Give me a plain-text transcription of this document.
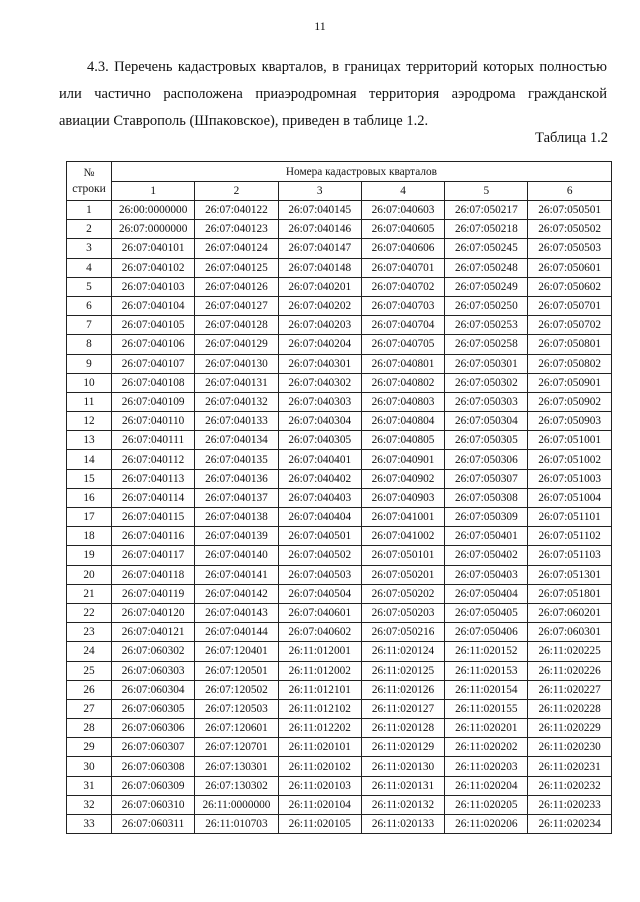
11

4.3. Перечень кадастровых кварталов, в границах территорий которых полностью или частично расположена приаэродромная территория аэродрома гражданской авиации Ставрополь (Шпаковское), приведен в таблице 1.2.

Таблица 1.2
№
строки	Номера кадастровых кварталов					
	1	2	3	4	5	6
1	26:00:0000000	26:07:040122	26:07:040145	26:07:040603	26:07:050217	26:07:050501
2	26:07:0000000	26:07:040123	26:07:040146	26:07:040605	26:07:050218	26:07:050502
3	26:07:040101	26:07:040124	26:07:040147	26:07:040606	26:07:050245	26:07:050503
4	26:07:040102	26:07:040125	26:07:040148	26:07:040701	26:07:050248	26:07:050601
5	26:07:040103	26:07:040126	26:07:040201	26:07:040702	26:07:050249	26:07:050602
6	26:07:040104	26:07:040127	26:07:040202	26:07:040703	26:07:050250	26:07:050701
7	26:07:040105	26:07:040128	26:07:040203	26:07:040704	26:07:050253	26:07:050702
8	26:07:040106	26:07:040129	26:07:040204	26:07:040705	26:07:050258	26:07:050801
9	26:07:040107	26:07:040130	26:07:040301	26:07:040801	26:07:050301	26:07:050802
10	26:07:040108	26:07:040131	26:07:040302	26:07:040802	26:07:050302	26:07:050901
11	26:07:040109	26:07:040132	26:07:040303	26:07:040803	26:07:050303	26:07:050902
12	26:07:040110	26:07:040133	26:07:040304	26:07:040804	26:07:050304	26:07:050903
13	26:07:040111	26:07:040134	26:07:040305	26:07:040805	26:07:050305	26:07:051001
14	26:07:040112	26:07:040135	26:07:040401	26:07:040901	26:07:050306	26:07:051002
15	26:07:040113	26:07:040136	26:07:040402	26:07:040902	26:07:050307	26:07:051003
16	26:07:040114	26:07:040137	26:07:040403	26:07:040903	26:07:050308	26:07:051004
17	26:07:040115	26:07:040138	26:07:040404	26:07:041001	26:07:050309	26:07:051101
18	26:07:040116	26:07:040139	26:07:040501	26:07:041002	26:07:050401	26:07:051102
19	26:07:040117	26:07:040140	26:07:040502	26:07:050101	26:07:050402	26:07:051103
20	26:07:040118	26:07:040141	26:07:040503	26:07:050201	26:07:050403	26:07:051301
21	26:07:040119	26:07:040142	26:07:040504	26:07:050202	26:07:050404	26:07:051801
22	26:07:040120	26:07:040143	26:07:040601	26:07:050203	26:07:050405	26:07:060201
23	26:07:040121	26:07:040144	26:07:040602	26:07:050216	26:07:050406	26:07:060301
24	26:07:060302	26:07:120401	26:11:012001	26:11:020124	26:11:020152	26:11:020225
25	26:07:060303	26:07:120501	26:11:012002	26:11:020125	26:11:020153	26:11:020226
26	26:07:060304	26:07:120502	26:11:012101	26:11:020126	26:11:020154	26:11:020227
27	26:07:060305	26:07:120503	26:11:012102	26:11:020127	26:11:020155	26:11:020228
28	26:07:060306	26:07:120601	26:11:012202	26:11:020128	26:11:020201	26:11:020229
29	26:07:060307	26:07:120701	26:11:020101	26:11:020129	26:11:020202	26:11:020230
30	26:07:060308	26:07:130301	26:11:020102	26:11:020130	26:11:020203	26:11:020231
31	26:07:060309	26:07:130302	26:11:020103	26:11:020131	26:11:020204	26:11:020232
32	26:07:060310	26:11:0000000	26:11:020104	26:11:020132	26:11:020205	26:11:020233
33	26:07:060311	26:11:010703	26:11:020105	26:11:020133	26:11:020206	26:11:020234
